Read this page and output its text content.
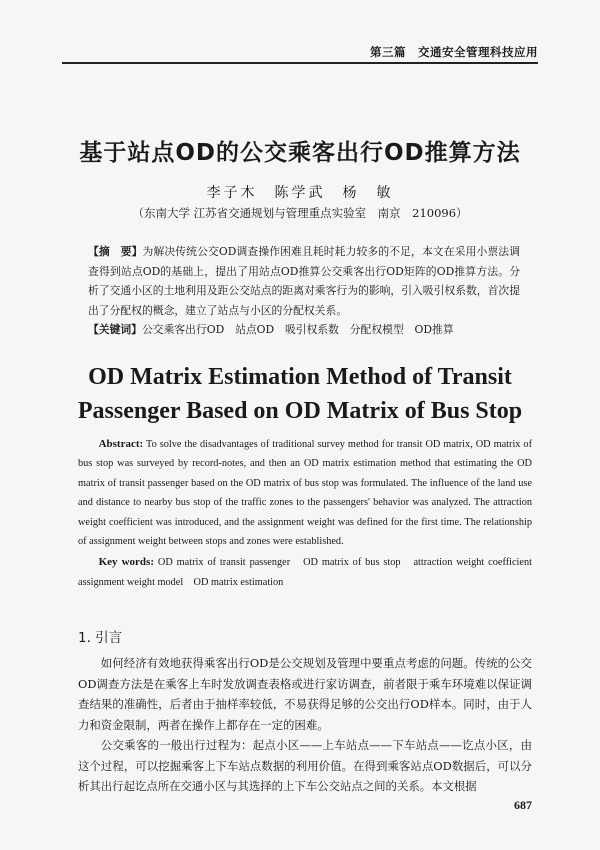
第三篇　交通安全管理科技应用
基于站点OD的公交乘客出行OD推算方法
李子木　陈学武　杨　敏
（东南大学 江苏省交通规划与管理重点实验室　南京　210096）
【摘　要】为解决传统公交OD调查操作困难且耗时耗力较多的不足，本文在采用小票法调查得到站点OD的基础上，提出了用站点OD推算公交乘客出行OD矩阵的OD推算方法。分析了交通小区的土地利用及距公交站点的距离对乘客行为的影响，引入吸引权系数，首次提出了分配权的概念，建立了站点与小区的分配权关系。
【关键词】公交乘客出行OD　站点OD　吸引权系数　分配权模型　OD推算
OD Matrix Estimation Method of Transit Passenger Based on OD Matrix of Bus Stop
Abstract: To solve the disadvantages of traditional survey method for transit OD matrix, OD matrix of bus stop was surveyed by record-notes, and then an OD matrix estimation method that estimating the OD matrix of transit passenger based on the OD matrix of bus stop was formulated. The influence of the land use and distance to nearby bus stop of the traffic zones to the passengers' behavior was analyzed. The attraction weight coefficient was introduced, and the assignment weight was defined for the first time. The relationship of assignment weight between stops and zones were established.
Key words: OD matrix of transit passenger　OD matrix of bus stop　attraction weight coefficient　assignment weight model　OD matrix estimation
1. 引言

如何经济有效地获得乘客出行OD是公交规划及管理中要重点考虑的问题。传统的公交OD调查方法是在乘客上车时发放调查表格或进行家访调查，前者限于乘车环境难以保证调查结果的准确性，后者由于抽样率较低，不易获得足够的公交出行OD样本。同时，由于人力和资金限制，两者在操作上都存在一定的困难。

公交乘客的一般出行过程为：起点小区——上车站点——下车站点——讫点小区，由这个过程，可以挖掘乘客上下车站点数据的利用价值。在得到乘客站点OD数据后，可以分析其出行起讫点所在交通小区与其选择的上下车公交站点之间的关系。本文根据

687
